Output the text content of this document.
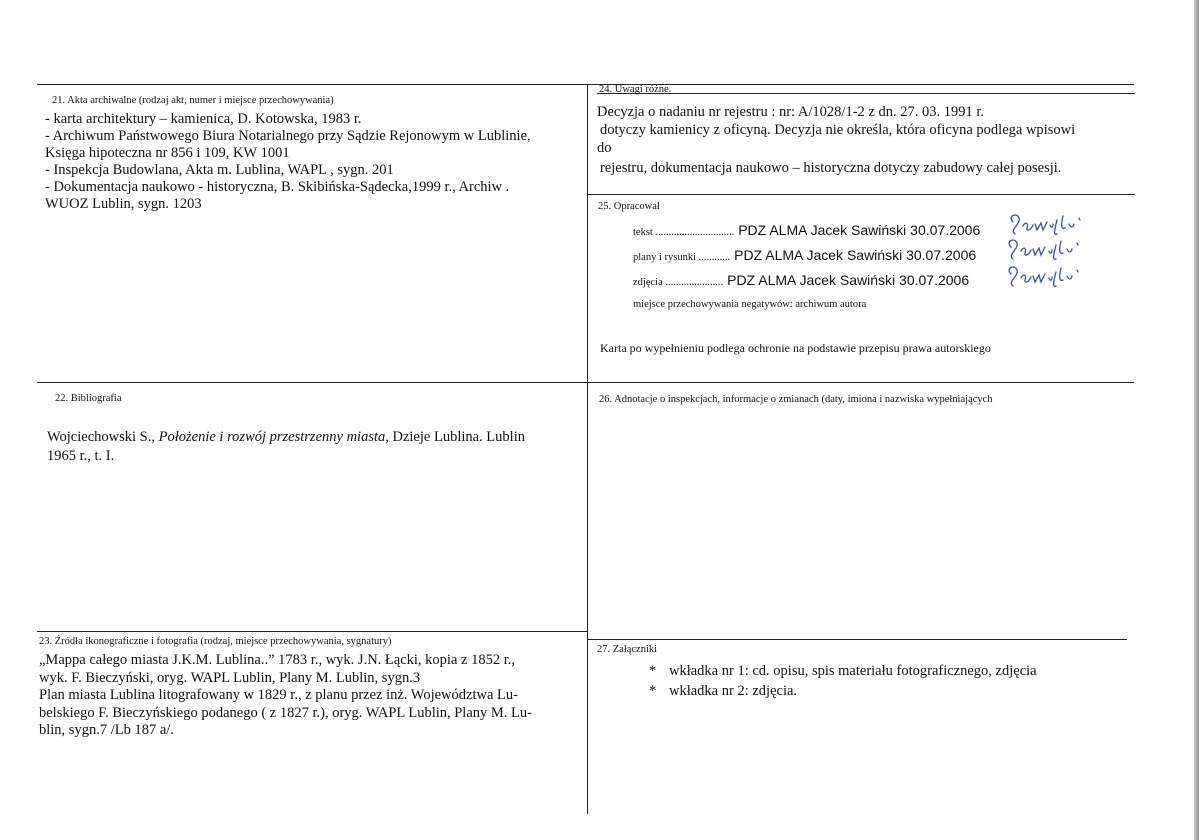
21. Akta archiwalne (rodzaj akt, numer i miejsce przechowywania)
- karta architektury – kamienica, D. Kotowska, 1983 r.
- Archiwum Państwowego Biura Notarialnego przy Sądzie Rejonowym w Lublinie,
Księga hipoteczna nr 856 i 109, KW 1001
- Inspekcja Budowlana, Akta m. Lublina, WAPL , sygn. 201
- Dokumentacja naukowo - historyczna, B. Skibińska-Sądecka,1999 r., Archiw .
WUOZ Lublin, sygn. 1203
22. Bibliografia
Wojciechowski S., Położenie i rozwój przestrzenny miasta, Dzieje Lublina. Lublin
1965 r., t. I.
23. Źródła ikonograficzne i fotografia (rodzaj, miejsce przechowywania, sygnatury)
„Mappa całego miasta J.K.M. Lublina..” 1783 r., wyk. J.N. Łącki, kopia z 1852 r.,
wyk. F. Bieczyński, oryg. WAPL Lublin, Plany M. Lublin, sygn.3
Plan miasta Lublina litografowany w 1829 r., z planu przez inż. Województwa Lu-
belskiego F. Bieczyńskiego podanego ( z 1827 r.), oryg. WAPL Lublin, Plany M. Lu-
blin, sygn.7 /Lb 187 a/.
24. Uwagi różne.
Decyzja o nadaniu nr rejestru : nr: A/1028/1-2 z dn. 27. 03. 1991 r.
dotyczy kamienicy z oficyną. Decyzja nie określa, która oficyna podlega wpisowi
do
rejestru, dokumentacja naukowo – historyczna dotyczy zabudowy całej posesji.
25. Opracował
tekst .............................. PDZ ALMA Jacek Sawiński 30.07.2006
plany i rysunki ............ PDZ ALMA Jacek Sawiński 30.07.2006
zdjęcia ...................... PDZ ALMA Jacek Sawiński 30.07.2006
miejsce przechowywania negatywów: archiwum autora
Karta po wypełnieniu podlega ochronie na podstawie przepisu prawa autorskiego
26. Adnotacje o inspekcjach, informacje o zmianach (daty, imiona i nazwiska wypełniających
27. Załączniki
* wkładka nr 1: cd. opisu, spis materiału fotograficznego, zdjęcia
* wkładka nr 2: zdjęcia.
